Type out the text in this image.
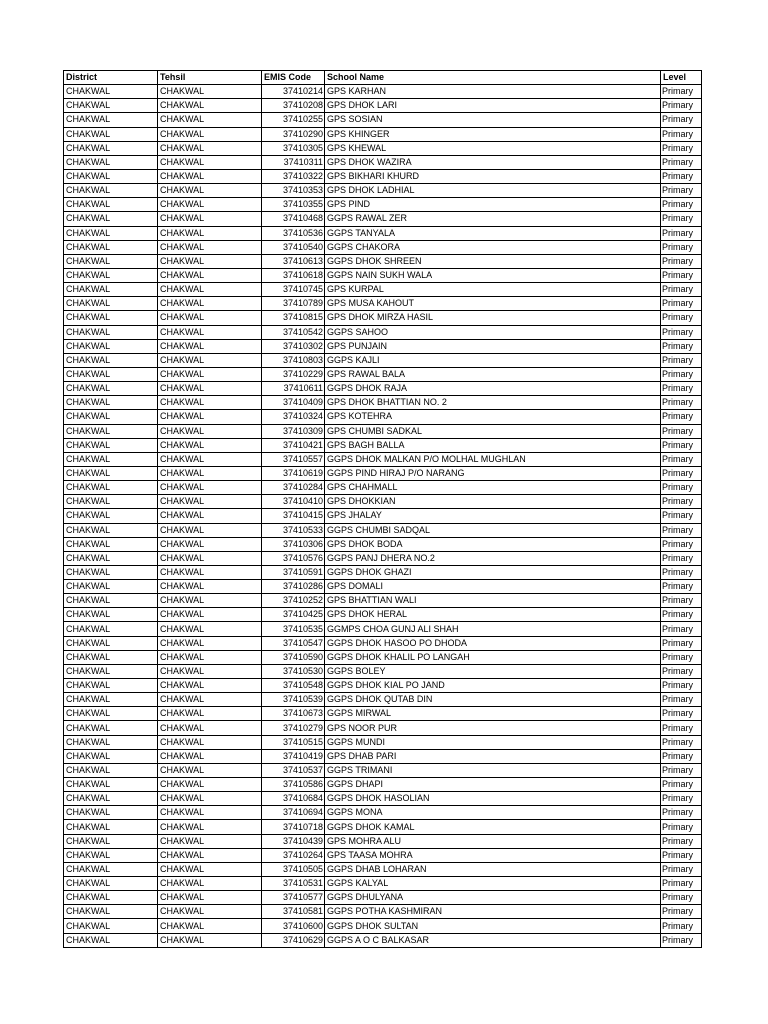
District	Tehsil	EMIS Code	School Name	Level
CHAKWAL	CHAKWAL	37410214	GPS KARHAN	Primary
CHAKWAL	CHAKWAL	37410208	GPS DHOK LARI	Primary
CHAKWAL	CHAKWAL	37410255	GPS SOSIAN	Primary
CHAKWAL	CHAKWAL	37410290	GPS KHINGER	Primary
CHAKWAL	CHAKWAL	37410305	GPS KHEWAL	Primary
CHAKWAL	CHAKWAL	37410311	GPS DHOK WAZIRA	Primary
CHAKWAL	CHAKWAL	37410322	GPS BIKHARI KHURD	Primary
CHAKWAL	CHAKWAL	37410353	GPS DHOK LADHIAL	Primary
CHAKWAL	CHAKWAL	37410355	GPS PIND	Primary
CHAKWAL	CHAKWAL	37410468	GGPS RAWAL ZER	Primary
CHAKWAL	CHAKWAL	37410536	GGPS TANYALA	Primary
CHAKWAL	CHAKWAL	37410540	GGPS CHAKORA	Primary
CHAKWAL	CHAKWAL	37410613	GGPS DHOK SHREEN	Primary
CHAKWAL	CHAKWAL	37410618	GGPS NAIN SUKH WALA	Primary
CHAKWAL	CHAKWAL	37410745	GPS KURPAL	Primary
CHAKWAL	CHAKWAL	37410789	GPS MUSA KAHOUT	Primary
CHAKWAL	CHAKWAL	37410815	GPS DHOK MIRZA HASIL	Primary
CHAKWAL	CHAKWAL	37410542	GGPS SAHOO	Primary
CHAKWAL	CHAKWAL	37410302	GPS PUNJAIN	Primary
CHAKWAL	CHAKWAL	37410803	GGPS KAJLI	Primary
CHAKWAL	CHAKWAL	37410229	GPS RAWAL BALA	Primary
CHAKWAL	CHAKWAL	37410611	GGPS DHOK RAJA	Primary
CHAKWAL	CHAKWAL	37410409	GPS DHOK BHATTIAN NO. 2	Primary
CHAKWAL	CHAKWAL	37410324	GPS KOTEHRA	Primary
CHAKWAL	CHAKWAL	37410309	GPS CHUMBI SADKAL	Primary
CHAKWAL	CHAKWAL	37410421	GPS BAGH BALLA	Primary
CHAKWAL	CHAKWAL	37410557	GGPS DHOK MALKAN P/O MOLHAL MUGHLAN	Primary
CHAKWAL	CHAKWAL	37410619	GGPS PIND HIRAJ P/O NARANG	Primary
CHAKWAL	CHAKWAL	37410284	GPS CHAHMALL	Primary
CHAKWAL	CHAKWAL	37410410	GPS DHOKKIAN	Primary
CHAKWAL	CHAKWAL	37410415	GPS JHALAY	Primary
CHAKWAL	CHAKWAL	37410533	GGPS CHUMBI SADQAL	Primary
CHAKWAL	CHAKWAL	37410306	GPS DHOK BODA	Primary
CHAKWAL	CHAKWAL	37410576	GGPS PANJ DHERA NO.2	Primary
CHAKWAL	CHAKWAL	37410591	GGPS DHOK GHAZI	Primary
CHAKWAL	CHAKWAL	37410286	GPS DOMALI	Primary
CHAKWAL	CHAKWAL	37410252	GPS BHATTIAN WALI	Primary
CHAKWAL	CHAKWAL	37410425	GPS DHOK HERAL	Primary
CHAKWAL	CHAKWAL	37410535	GGMPS CHOA GUNJ ALI SHAH	Primary
CHAKWAL	CHAKWAL	37410547	GGPS DHOK HASOO PO DHODA	Primary
CHAKWAL	CHAKWAL	37410590	GGPS DHOK KHALIL PO LANGAH	Primary
CHAKWAL	CHAKWAL	37410530	GGPS BOLEY	Primary
CHAKWAL	CHAKWAL	37410548	GGPS DHOK KIAL PO JAND	Primary
CHAKWAL	CHAKWAL	37410539	GGPS DHOK QUTAB DIN	Primary
CHAKWAL	CHAKWAL	37410673	GGPS MIRWAL	Primary
CHAKWAL	CHAKWAL	37410279	GPS NOOR PUR	Primary
CHAKWAL	CHAKWAL	37410515	GGPS MUNDI	Primary
CHAKWAL	CHAKWAL	37410419	GPS DHAB PARI	Primary
CHAKWAL	CHAKWAL	37410537	GGPS TRIMANI	Primary
CHAKWAL	CHAKWAL	37410586	GGPS DHAPI	Primary
CHAKWAL	CHAKWAL	37410684	GGPS DHOK HASOLIAN	Primary
CHAKWAL	CHAKWAL	37410694	GGPS MONA	Primary
CHAKWAL	CHAKWAL	37410718	GGPS DHOK KAMAL	Primary
CHAKWAL	CHAKWAL	37410439	GPS MOHRA ALU	Primary
CHAKWAL	CHAKWAL	37410264	GPS TAASA MOHRA	Primary
CHAKWAL	CHAKWAL	37410505	GGPS DHAB LOHARAN	Primary
CHAKWAL	CHAKWAL	37410531	GGPS KALYAL	Primary
CHAKWAL	CHAKWAL	37410577	GGPS DHULYANA	Primary
CHAKWAL	CHAKWAL	37410581	GGPS POTHA KASHMIRAN	Primary
CHAKWAL	CHAKWAL	37410600	GGPS DHOK SULTAN	Primary
CHAKWAL	CHAKWAL	37410629	GGPS A O C BALKASAR	Primary
